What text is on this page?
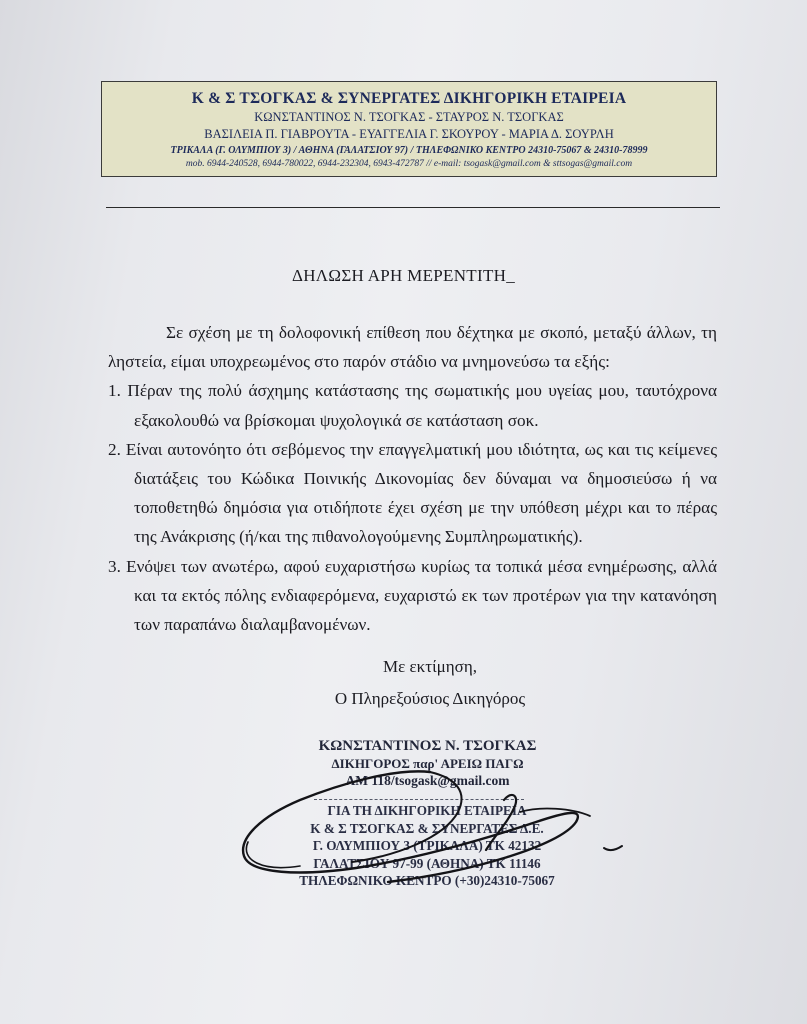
Κ & Σ ΤΣΟΓΚΑΣ & ΣΥΝΕΡΓΑΤΕΣ ΔΙΚΗΓΟΡΙΚΗ ΕΤΑΙΡΕΙΑ
ΚΩΝΣΤΑΝΤΙΝΟΣ Ν. ΤΣΟΓΚΑΣ - ΣΤΑΥΡΟΣ Ν. ΤΣΟΓΚΑΣ
ΒΑΣΙΛΕΙΑ Π. ΓΙΑΒΡΟΥΤΑ - ΕΥΑΓΓΕΛΙΑ Γ. ΣΚΟΥΡΟΥ - ΜΑΡΙΑ Δ. ΣΟΥΡΛΗ
ΤΡΙΚΑΛΑ (Γ. ΟΛΥΜΠΙΟΥ 3) / ΑΘΗΝΑ (ΓΑΛΑΤΣΙΟΥ 97) / ΤΗΛΕΦΩΝΙΚΟ ΚΕΝΤΡΟ 24310-75067 & 24310-78999
mob. 6944-240528, 6944-780022, 6944-232304, 6943-472787 // e-mail: tsogask@gmail.com & sttsogas@gmail.com
ΔΗΛΩΣΗ ΑΡΗ ΜΕΡΕΝΤΙΤΗ_

Σε σχέση με τη δολοφονική επίθεση που δέχτηκα με σκοπό, μεταξύ άλλων, τη ληστεία, είμαι υποχρεωμένος στο παρόν στάδιο να μνημονεύσω τα εξής:

1. Πέραν της πολύ άσχημης κατάστασης της σωματικής μου υγείας μου, ταυτόχρονα εξακολουθώ να βρίσκομαι ψυχολογικά σε κατάσταση σοκ.

2. Είναι αυτονόητο ότι σεβόμενος την επαγγελματική μου ιδιότητα, ως και τις κείμενες διατάξεις του Κώδικα Ποινικής Δικονομίας δεν δύναμαι να δημοσιεύσω ή να τοποθετηθώ δημόσια για οτιδήποτε έχει σχέση με την υπόθεση μέχρι και το πέρας της Ανάκρισης (ή/και της πιθανολογούμενης Συμπληρωματικής).

3. Ενόψει των ανωτέρω, αφού ευχαριστήσω κυρίως τα τοπικά μέσα ενημέρωσης, αλλά και τα εκτός πόλης ενδιαφερόμενα, ευχαριστώ εκ των προτέρων για την κατανόηση των παραπάνω διαλαμβανομένων.

Με εκτίμηση,
Ο Πληρεξούσιος Δικηγόρος
ΚΩΝΣΤΑΝΤΙΝΟΣ Ν. ΤΣΟΓΚΑΣ
ΔΙΚΗΓΟΡΟΣ παρ' ΑΡΕΙΩ ΠΑΓΩ
ΑΜ 118/tsogask@gmail.com
ΓΙΑ ΤΗ ΔΙΚΗΓΟΡΙΚΗ ΕΤΑΙΡΕΙΑ
Κ & Σ ΤΣΟΓΚΑΣ & ΣΥΝΕΡΓΑΤΕΣ Δ.Ε.
Γ. ΟΛΥΜΠΙΟΥ 3 (ΤΡΙΚΑΛΑ) ΤΚ 42132
ΓΑΛΑΤΣΙΟΥ 97-99 (ΑΘΗΝΑ) ΤΚ 11146
ΤΗΛΕΦΩΝΙΚΟ ΚΕΝΤΡΟ (+30)24310-75067
